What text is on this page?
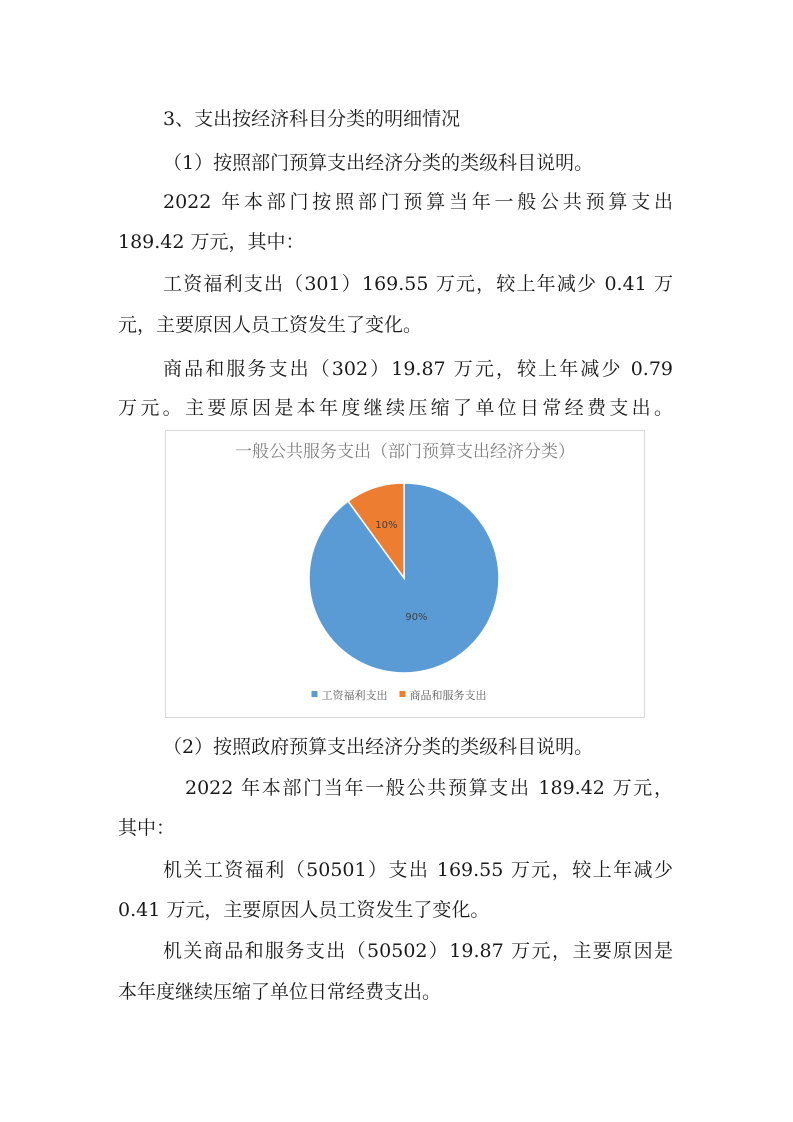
3、支出按经济科目分类的明细情况
（1）按照部门预算支出经济分类的类级科目说明。
2022 年本部门按照部门预算当年一般公共预算支出
189.42 万元，其中：
工资福利支出（301）169.55 万元，较上年减少 0.41 万
元，主要原因人员工资发生了变化。
商品和服务支出（302）19.87 万元，较上年减少 0.79
万元。主要原因是本年度继续压缩了单位日常经费支出。
一般公共服务支出（部门预算支出经济分类）
90%
10%
工资福利支出 商品和服务支出
（2）按照政府预算支出经济分类的类级科目说明。
2022 年本部门当年一般公共预算支出 189.42 万元，
其中：
机关工资福利（50501）支出 169.55 万元，较上年减少
0.41 万元，主要原因人员工资发生了变化。
机关商品和服务支出（50502）19.87 万元，主要原因是
本年度继续压缩了单位日常经费支出。
